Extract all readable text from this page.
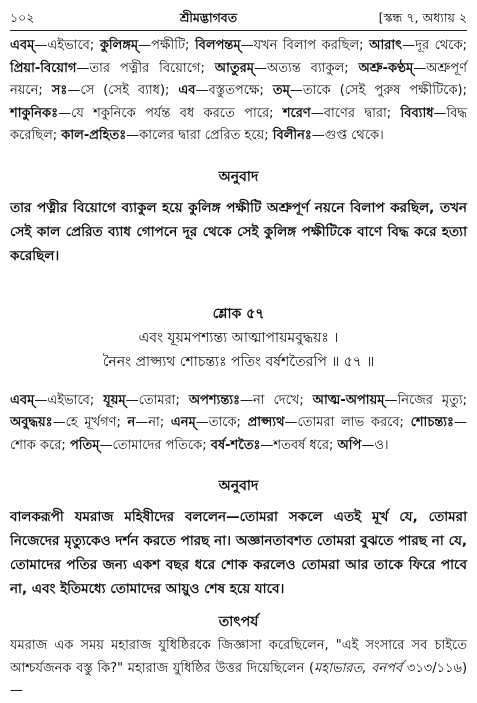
১০২	শ্রীমদ্ভাগবত	[স্কন্ধ ৭, অধ্যায় ২

এবম্—এইভাবে; কুলিঙ্গম্—পক্ষীটি; বিলপন্তম্—যখন বিলাপ করছিল; আরাৎ—দূর থেকে; প্রিয়া-বিয়োগ—তার পত্নীর বিয়োগে; আতুরম্—অত্যন্ত ব্যাকুল; অশ্রু-কণ্ঠম্—অশ্রুপূর্ণ নয়নে; সঃ—সে (সেই ব্যাধ); এব—বস্তুতপক্ষে; তম্—তাকে (সেই পুরুষ পক্ষীটিকে); শাকুনিকঃ—যে শকুনিকে পর্যন্ত বধ করতে পারে; শরেণ—বাণের দ্বারা; বিব্যাধ—বিদ্ধ করেছিল; কাল-প্রহিতঃ—কালের দ্বারা প্রেরিত হয়ে; বিলীনঃ—গুপ্ত থেকে।

অনুবাদ

তার পত্নীর বিয়োগে ব্যাকুল হয়ে কুলিঙ্গ পক্ষীটি অশ্রুপূর্ণ নয়নে বিলাপ করছিল, তখন সেই কাল প্রেরিত ব্যাধ গোপনে দূর থেকে সেই কুলিঙ্গ পক্ষীটিকে বাণে বিদ্ধ করে হত্যা করেছিল।

শ্লোক ৫৭

এবং যূয়মপশ্যন্ত্য আত্মাপায়মবুদ্ধয়ঃ ।

নৈনং প্রাপ্স্যথ শোচন্ত্যঃ পতিং বর্ষশতৈরপি ॥ ৫৭ ॥

এবম্—এইভাবে; যূয়ম্—তোমরা; অপশ্যন্ত্যঃ—না দেখে; আত্ম-অপায়ম্—নিজের মৃত্যু; অবুদ্ধয়ঃ—হে মূর্খগণ; ন—না; এনম্—তাকে; প্রাপ্স্যথ—তোমরা লাভ করবে; শোচন্ত্যঃ—শোক করে; পতিম্—তোমাদের পতিকে; বর্ষ-শতৈঃ—শতবর্ষ ধরে; অপি—ও।

অনুবাদ

বালকরূপী যমরাজ মহিষীদের বললেন—তোমরা সকলে এতই মূর্খ যে, তোমরা নিজেদের মৃত্যুকেও দর্শন করতে পারছ না। অজ্ঞানতাবশত তোমরা বুঝতে পারছ না যে, তোমাদের পতির জন্য একশ বছর ধরে শোক করলেও তোমরা আর তাকে ফিরে পাবে না, এবং ইতিমধ্যে তোমাদের আয়ুও শেষ হয়ে যাবে।

তাৎপর্য

যমরাজ এক সময় মহারাজ যুধিষ্ঠিরকে জিজ্ঞাসা করেছিলেন, "এই সংসারে সব চাইতে আশ্চর্যজনক বস্তু কি?" মহারাজ যুধিষ্ঠির উত্তর দিয়েছিলেন (মহাভারত, বনপর্ব ৩১৩/১১৬)—
